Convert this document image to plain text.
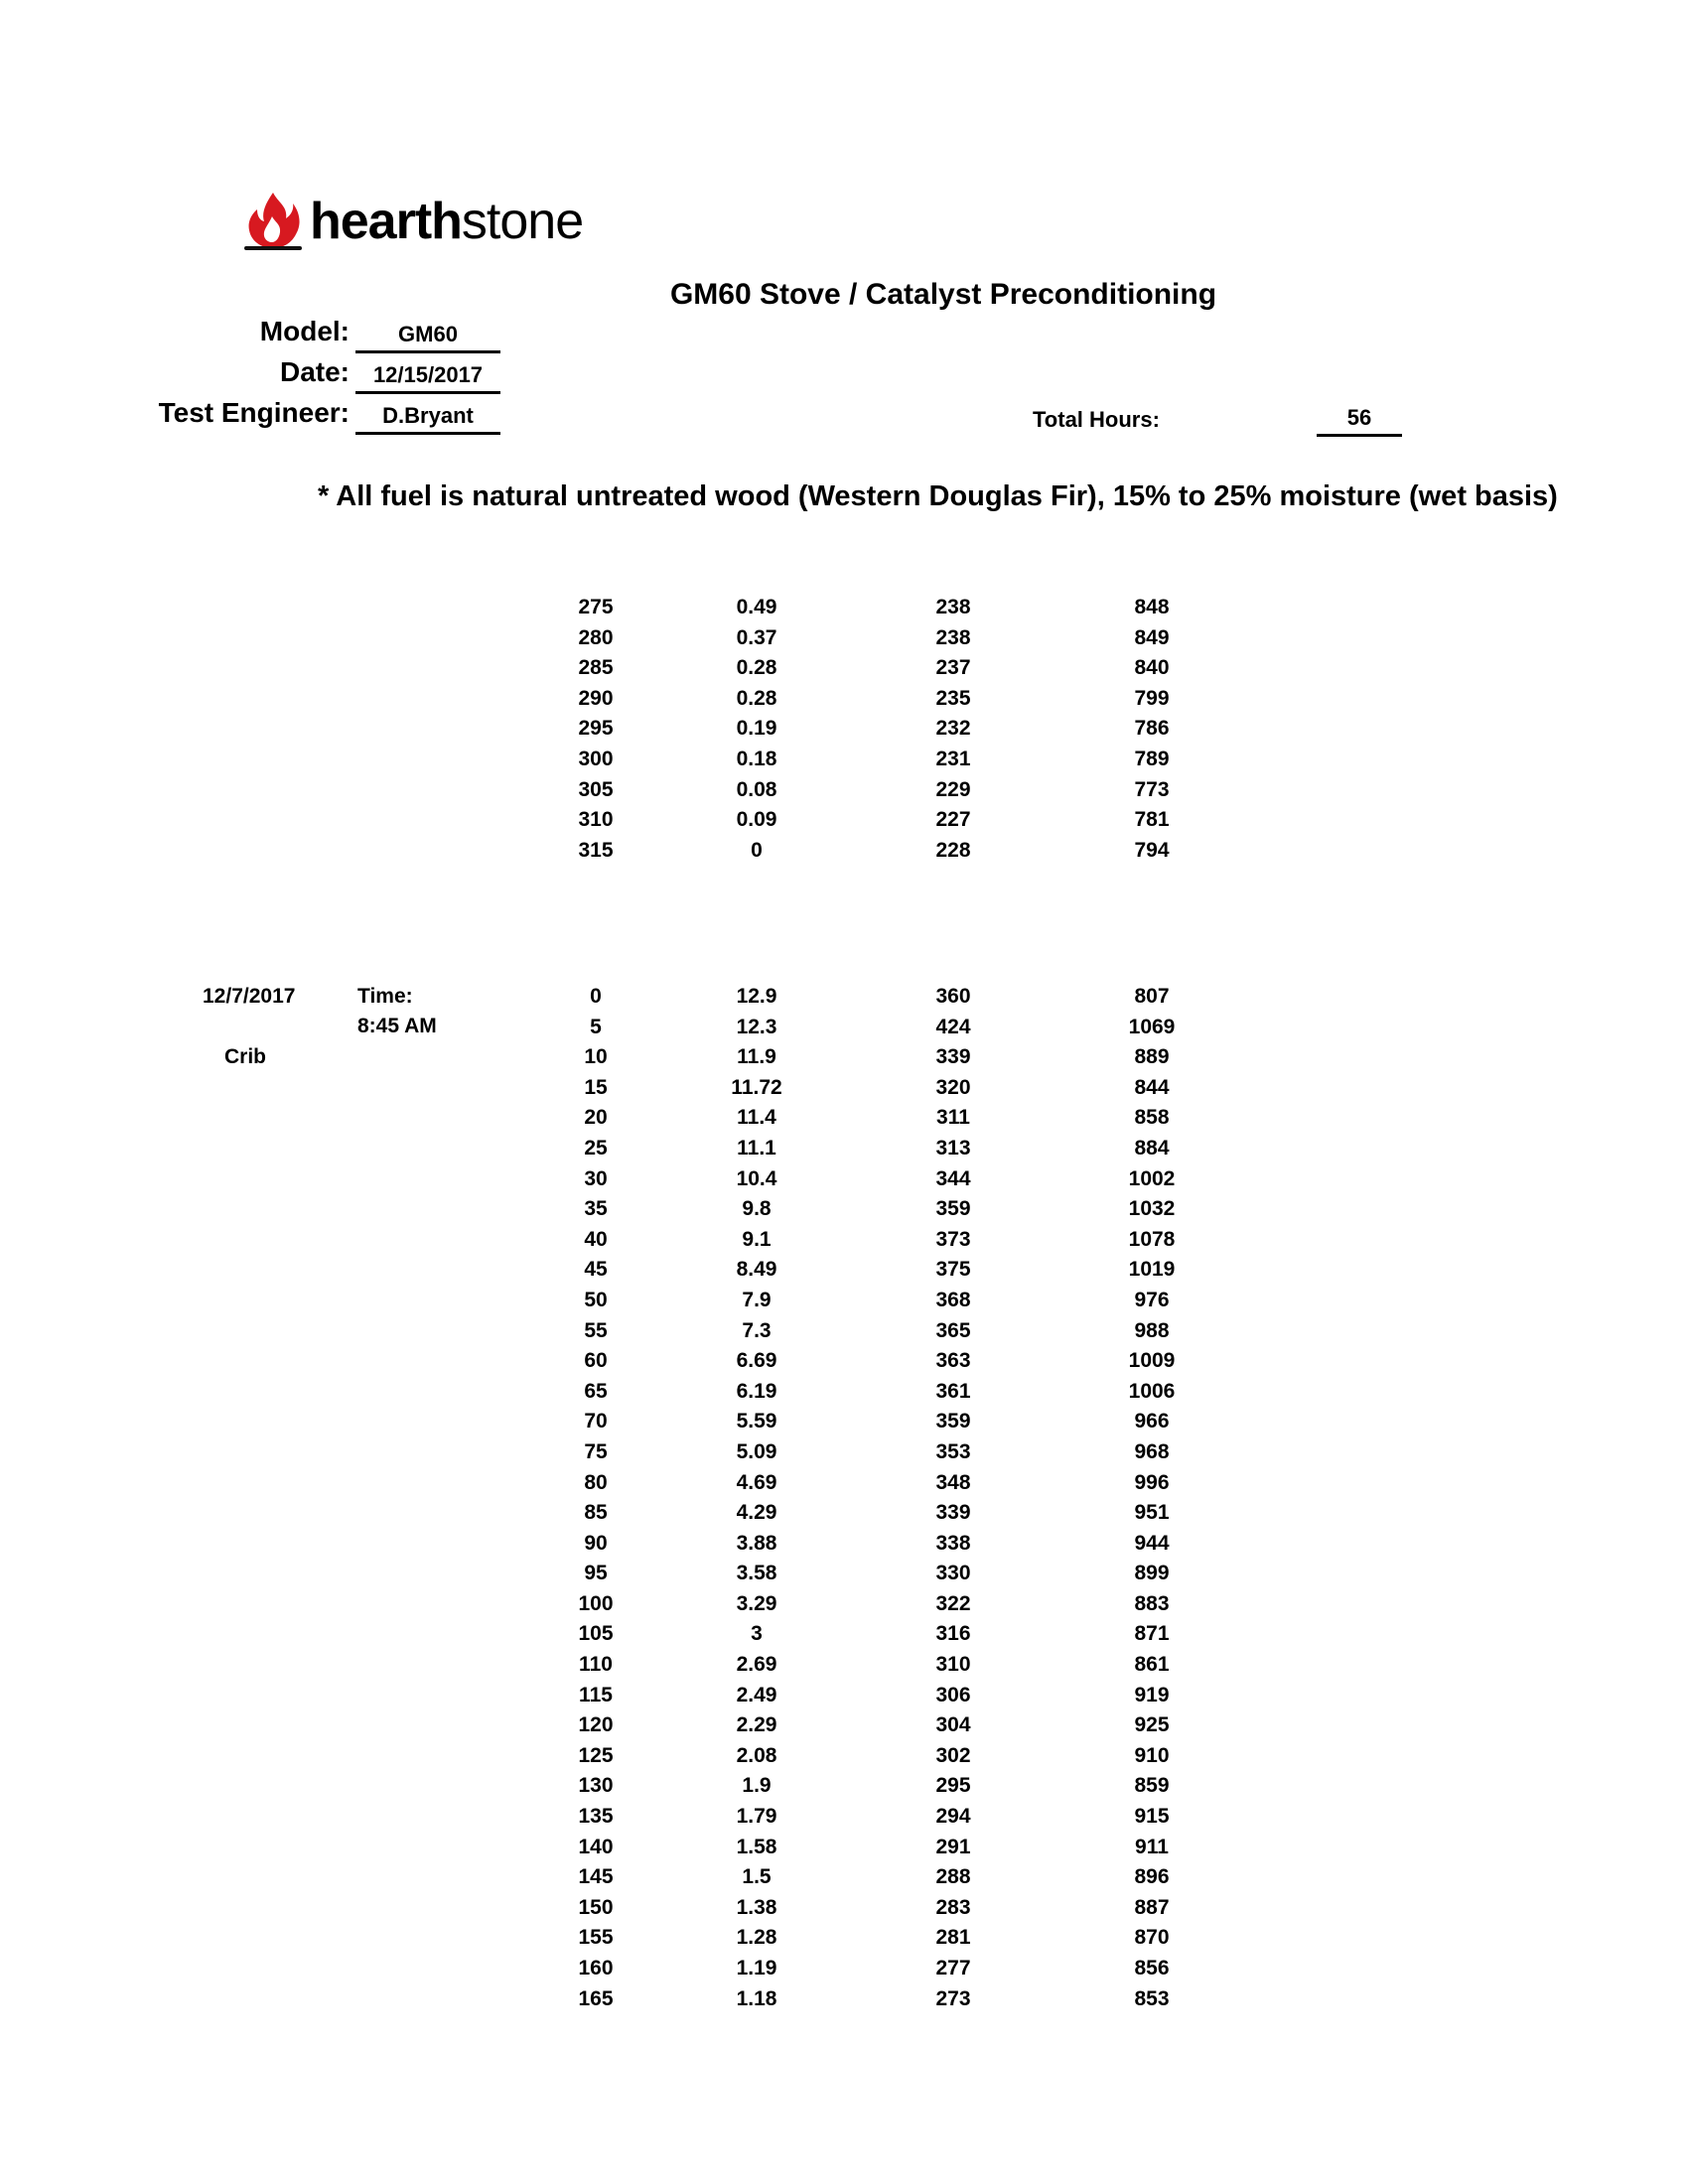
hearthstone
GM60 Stove / Catalyst Preconditioning
Model:	GM60
Date:	12/15/2017
Test Engineer:	D.Bryant	Total Hours:	56
* All fuel is natural untreated wood (Western Douglas Fir), 15% to 25% moisture (wet basis)
275	0.49	238	848
280	0.37	238	849
285	0.28	237	840
290	0.28	235	799
295	0.19	232	786
300	0.18	231	789
305	0.08	229	773
310	0.09	227	781
315	0	228	794
12/7/2017	Time:
8:45 AM
Crib
0	12.9	360	807
5	12.3	424	1069
10	11.9	339	889
15	11.72	320	844
20	11.4	311	858
25	11.1	313	884
30	10.4	344	1002
35	9.8	359	1032
40	9.1	373	1078
45	8.49	375	1019
50	7.9	368	976
55	7.3	365	988
60	6.69	363	1009
65	6.19	361	1006
70	5.59	359	966
75	5.09	353	968
80	4.69	348	996
85	4.29	339	951
90	3.88	338	944
95	3.58	330	899
100	3.29	322	883
105	3	316	871
110	2.69	310	861
115	2.49	306	919
120	2.29	304	925
125	2.08	302	910
130	1.9	295	859
135	1.79	294	915
140	1.58	291	911
145	1.5	288	896
150	1.38	283	887
155	1.28	281	870
160	1.19	277	856
165	1.18	273	853
